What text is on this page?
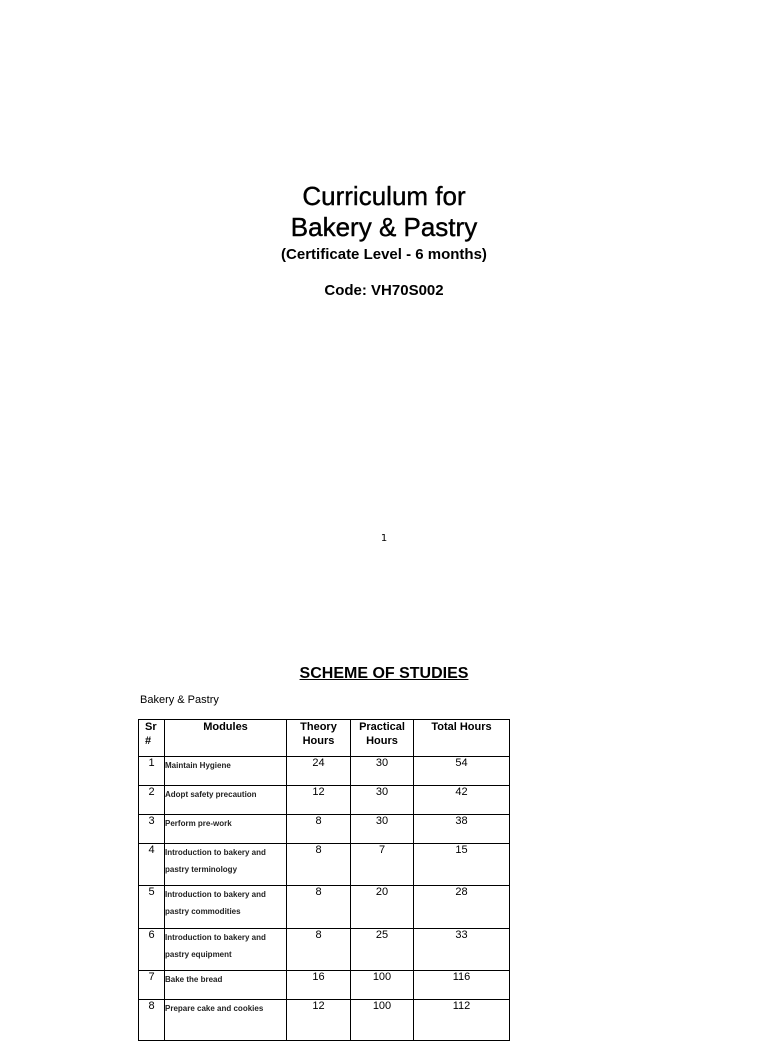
Curriculum for
Bakery & Pastry
(Certificate Level - 6 months)
Code: VH70S002
1
SCHEME OF STUDIES
Bakery & Pastry
Sr #	Modules	Theory Hours	Practical Hours	Total Hours
1	Maintain Hygiene	24	30	54
2	Adopt safety precaution	12	30	42
3	Perform pre-work	8	30	38
4	Introduction to bakery and pastry terminology	8	7	15
5	Introduction to bakery and pastry commodities	8	20	28
6	Introduction to bakery and pastry equipment	8	25	33
7	Bake the bread	16	100	116
8	Prepare cake and cookies	12	100	112
